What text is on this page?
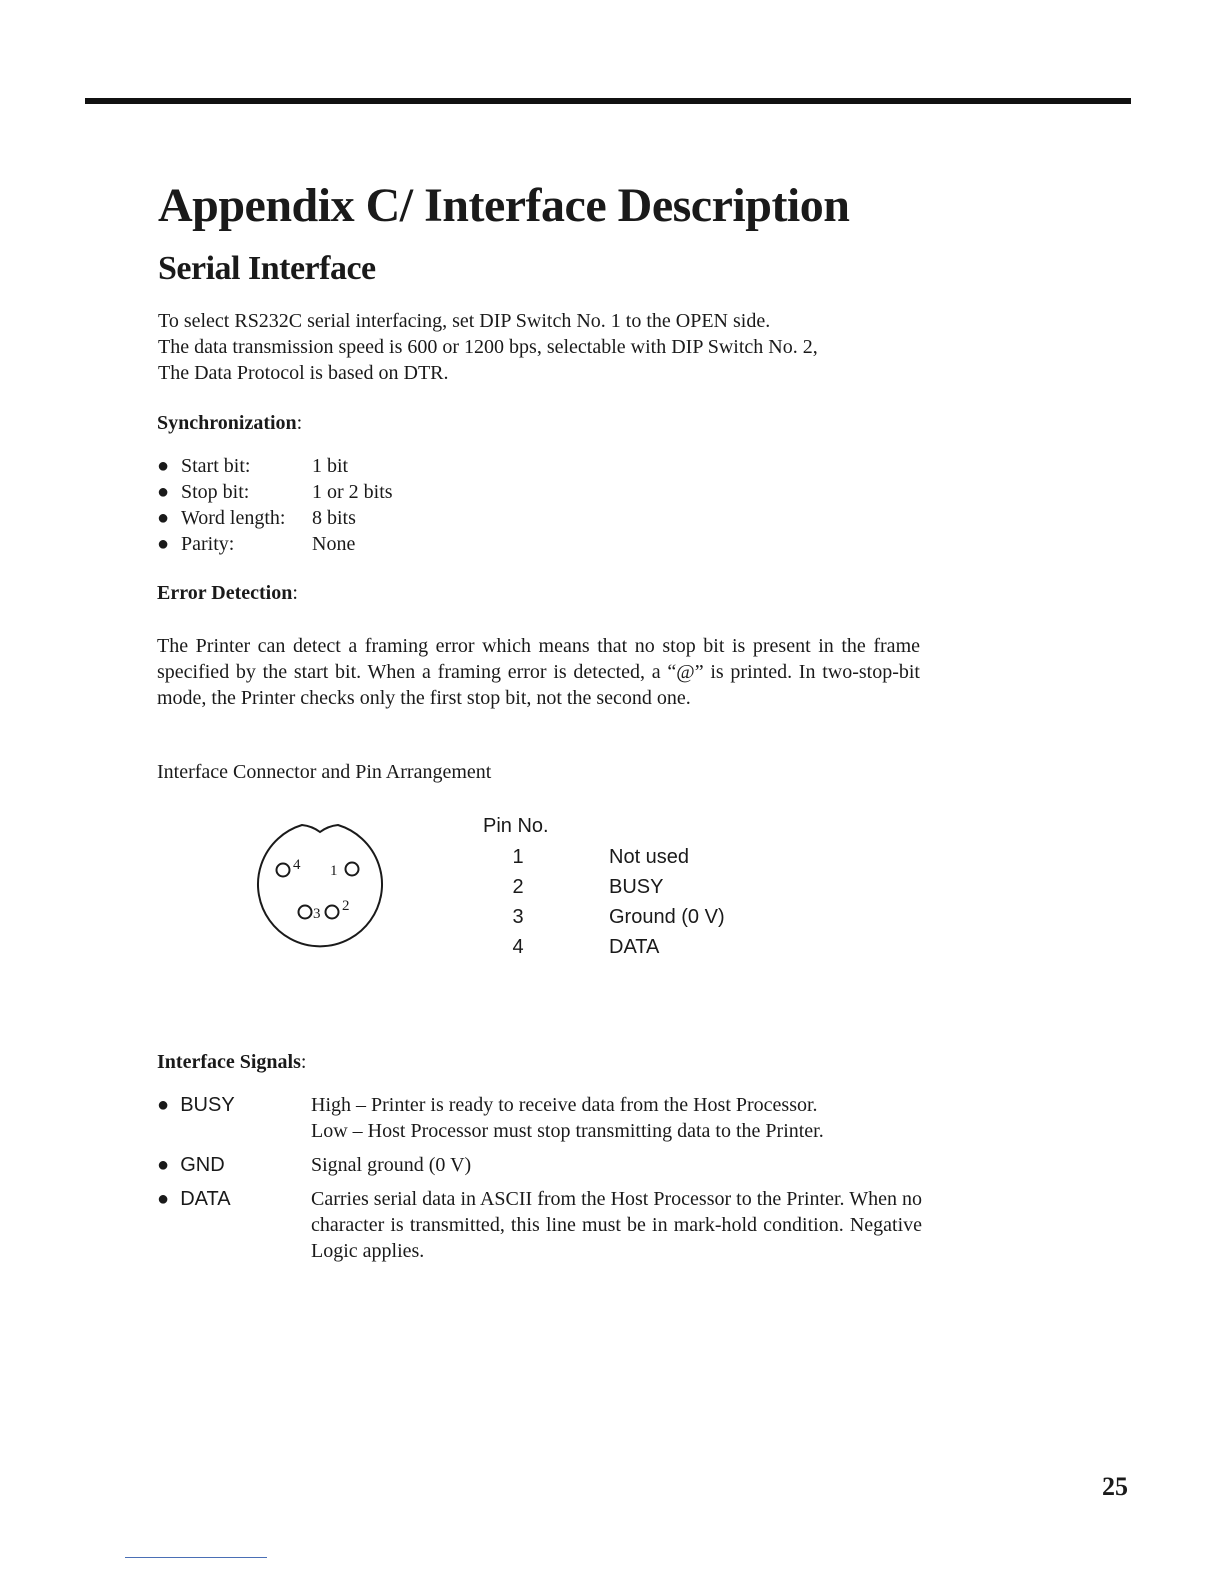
Appendix C/ Interface Description
Serial Interface
To select RS232C serial interfacing, set DIP Switch No. 1 to the OPEN side.
The data transmission speed is 600 or 1200 bps, selectable with DIP Switch No. 2,
The Data Protocol is based on DTR.
Synchronization:
● Start bit:	1 bit
● Stop bit:	1 or 2 bits
● Word length:	8 bits
● Parity:	None
Error Detection:
The Printer can detect a framing error which means that no stop bit is present in the frame specified by the start bit. When a framing error is detected, a “@” is printed. In two-stop-bit mode, the Printer checks only the first stop bit, not the second one.
Interface Connector and Pin Arrangement
4 1
3 2
Pin No.
1	Not used
2	BUSY
3	Ground (0 V)
4	DATA
Interface Signals:
● BUSY	High – Printer is ready to receive data from the Host Processor.
Low – Host Processor must stop transmitting data to the Printer.
● GND	Signal ground (0 V)
● DATA	Carries serial data in ASCII from the Host Processor to the Printer. When no character is transmitted, this line must be in mark-hold condition. Negative Logic applies.
25
